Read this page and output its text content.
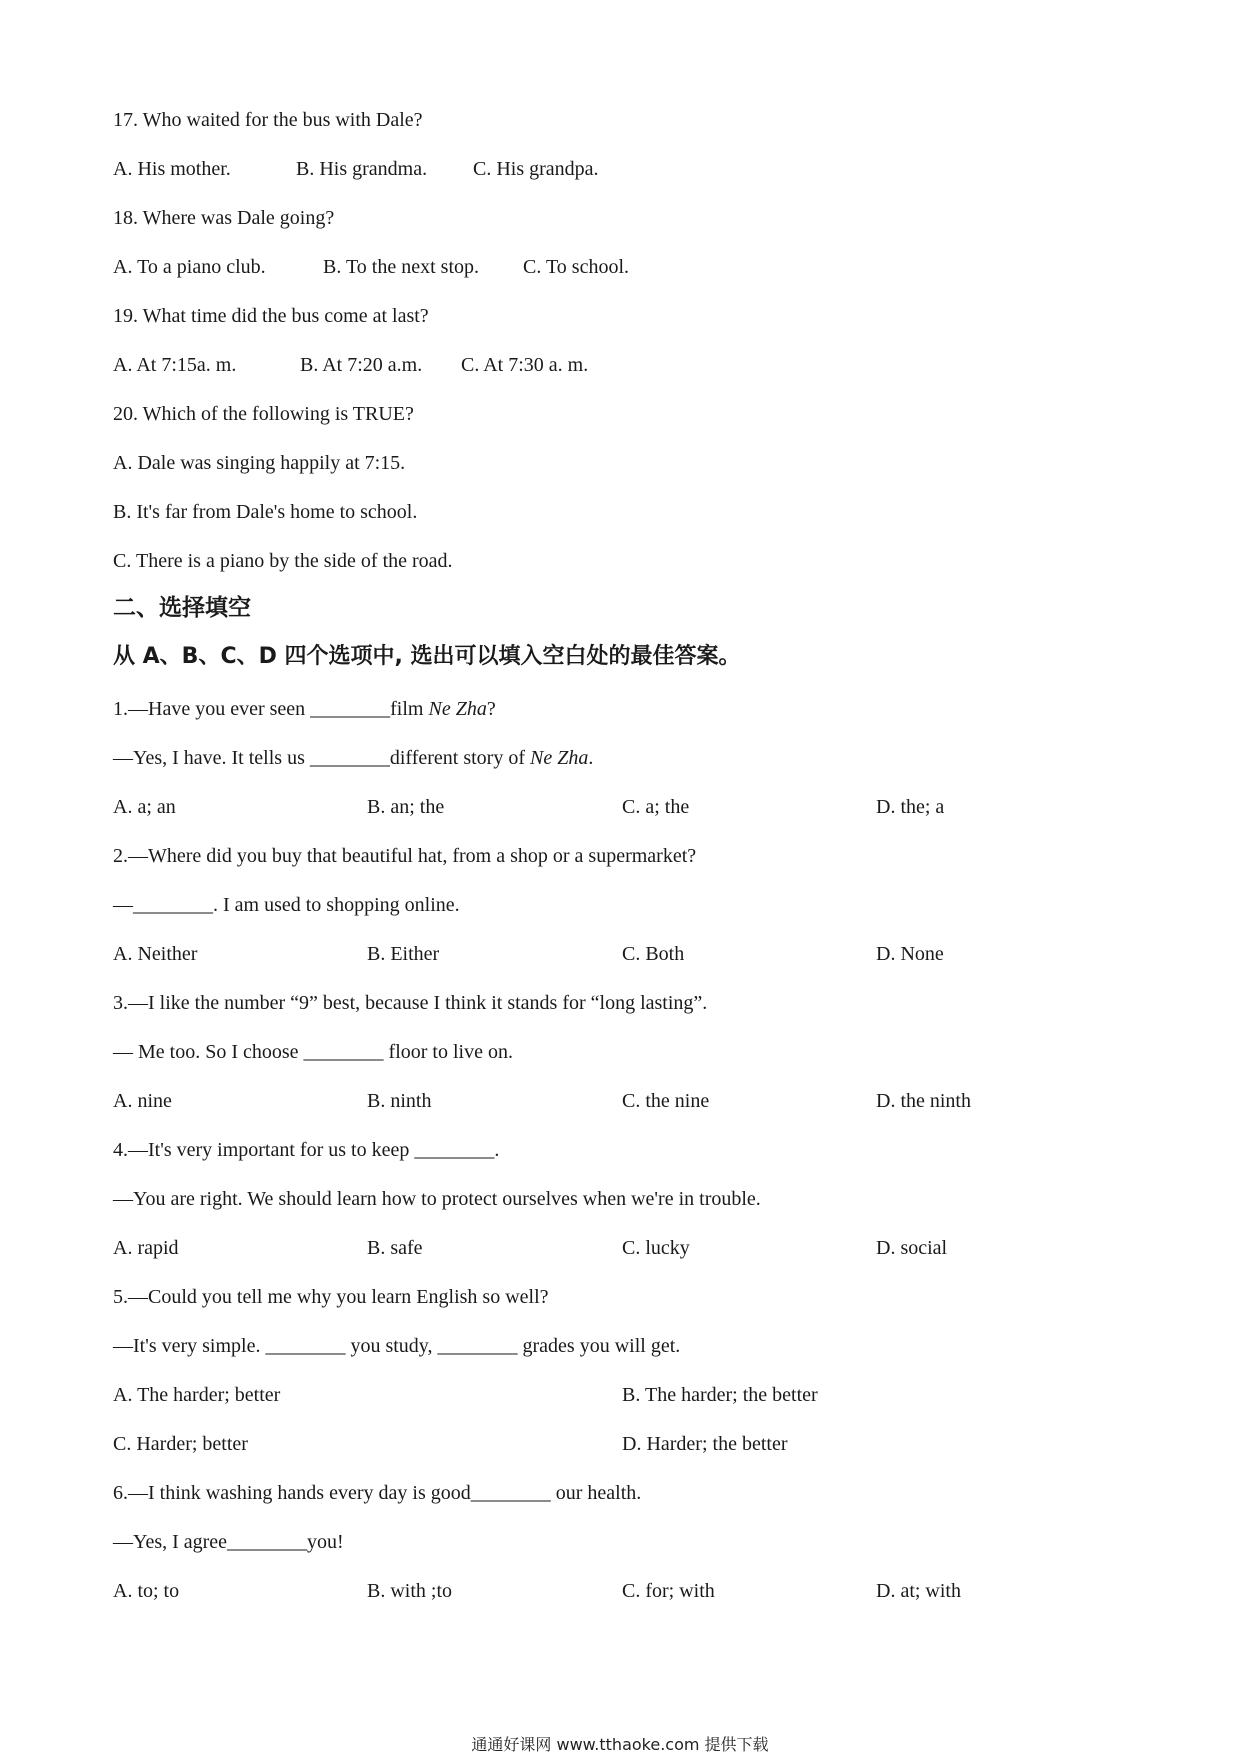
17. Who waited for the bus with Dale?
A. His mother.	B. His grandma. C. His grandpa.
18. Where was Dale going?
A. To a piano club.	B. To the next stop. C. To school.
19. What time did the bus come at last?
A. At 7:15a. m.	B. At 7:20 a.m. C. At 7:30 a. m.
20. Which of the following is TRUE?
A. Dale was singing happily at 7:15.
B. It's far from Dale's home to school.
C. There is a piano by the side of the road.
二、选择填空
从 A、B、C、D 四个选项中, 选出可以填入空白处的最佳答案。
1.—Have you ever seen ________film Ne Zha?
—Yes, I have. It tells us ________different story of Ne Zha.
A. a; an	B. an; the	C. a; the	D. the; a
2.—Where did you buy that beautiful hat, from a shop or a supermarket?
—________. I am used to shopping online.
A. Neither	B. Either	C. Both	D. None
3.—I like the number “9” best, because I think it stands for “long lasting”.
— Me too. So I choose ________ floor to live on.
A. nine	B. ninth	C. the nine	D. the ninth
4.—It's very important for us to keep ________.
—You are right. We should learn how to protect ourselves when we're in trouble.
A. rapid	B. safe	C. lucky	D. social
5.—Could you tell me why you learn English so well?
—It's very simple. ________ you study, ________ grades you will get.
A. The harder; better	B. The harder; the better
C. Harder; better	D. Harder; the better
6.—I think washing hands every day is good________ our health.
—Yes, I agree________you!
A. to; to	B. with ;to	C. for; with	D. at; with
通通好课网 www.tthaoke.com 提供下载
